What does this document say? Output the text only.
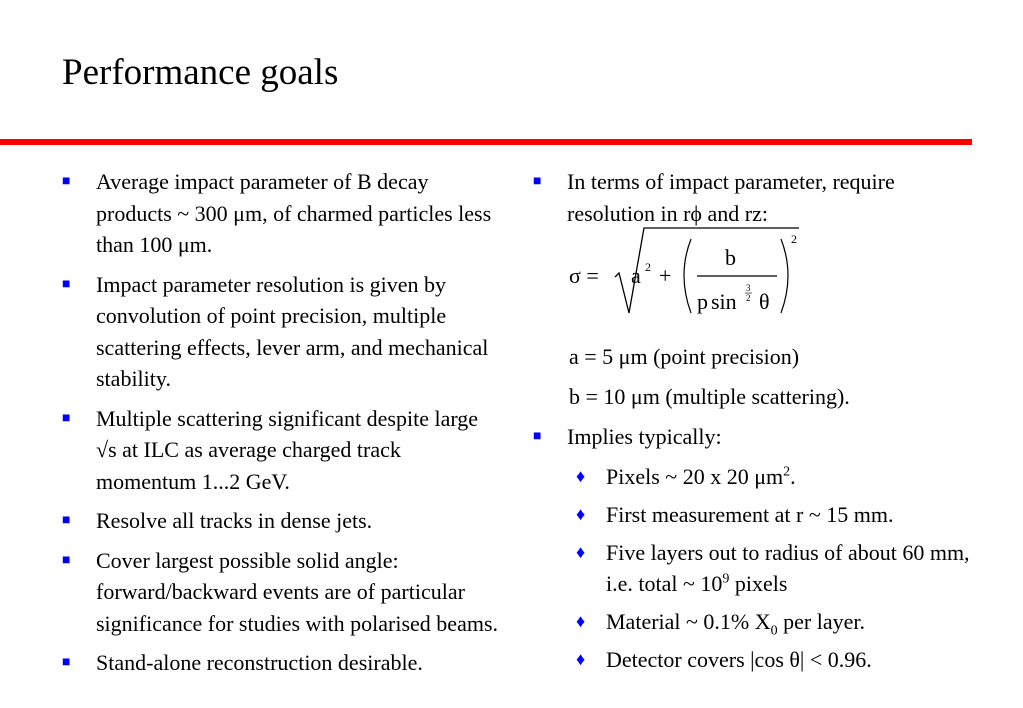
Performance goals
■ Average impact parameter of B decay products ~ 300 μm, of charmed particles less than 100 μm.
■ Impact parameter resolution is given by convolution of point precision, multiple scattering effects, lever arm, and mechanical stability.
■ Multiple scattering significant despite large √s at ILC as average charged track momentum 1...2 GeV.
■ Resolve all tracks in dense jets.
■ Cover largest possible solid angle: forward/backward events are of particular significance for studies with polarised beams.
■ Stand-alone reconstruction desirable.
■ In terms of impact parameter, require resolution in rϕ and rz:
σ = a 2 +
b
p sin
3
2 θ
2
a = 5 μm (point precision)
b = 10 μm (multiple scattering).
■ Implies typically:
♦ Pixels ~ 20 x 20 $\mu m^2$.
♦ First measurement at r ~ 15 mm.
♦ Five layers out to radius of about 60 mm, i.e. total ~ $10^9$ pixels
♦ Material ~ 0.1% $X_0$ per layer.
♦ Detector covers |cos θ| < 0.96.
